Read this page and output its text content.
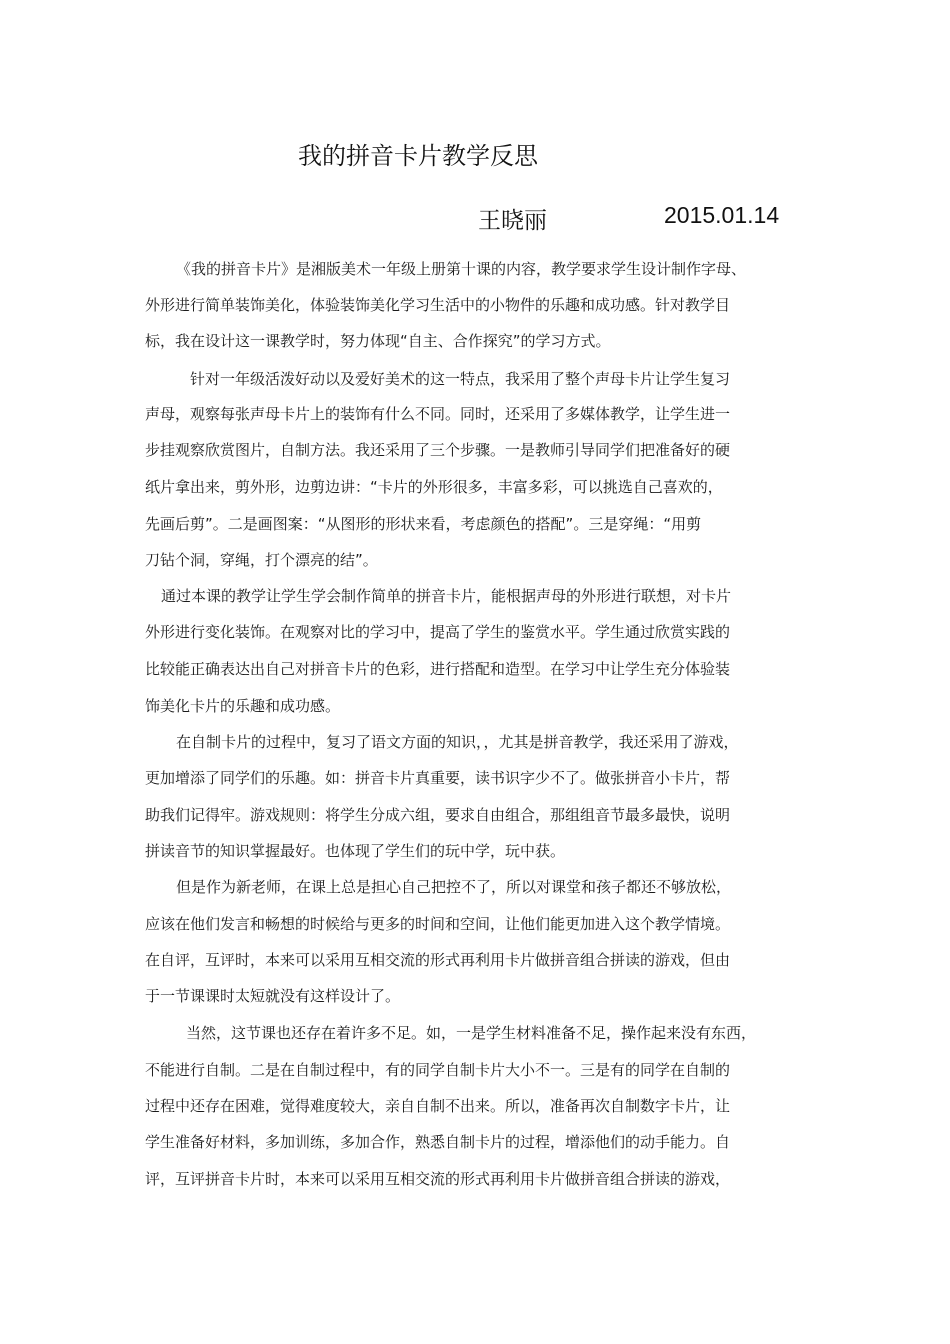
我的拼音卡片教学反思
王晓丽	2015.01.14
《我的拼音卡片》是湘版美术一年级上册第十课的内容，教学要求学生设计制作字母、
外形进行简单装饰美化，体验装饰美化学习生活中的小物件的乐趣和成功感。针对教学目
标，我在设计这一课教学时，努力体现“自主、合作探究”的学习方式。
针对一年级活泼好动以及爱好美术的这一特点，我采用了整个声母卡片让学生复习
声母，观察每张声母卡片上的装饰有什么不同。同时，还采用了多媒体教学，让学生进一
步挂观察欣赏图片，自制方法。我还采用了三个步骤。一是教师引导同学们把准备好的硬
纸片拿出来，剪外形，边剪边讲：“卡片的外形很多，丰富多彩，可以挑选自己喜欢的，
先画后剪”。二是画图案：“从图形的形状来看，考虑颜色的搭配”。三是穿绳：“用剪
刀钻个洞，穿绳，打个漂亮的结”。
通过本课的教学让学生学会制作简单的拼音卡片，能根据声母的外形进行联想，对卡片
外形进行变化装饰。在观察对比的学习中，提高了学生的鉴赏水平。学生通过欣赏实践的
比较能正确表达出自己对拼音卡片的色彩，进行搭配和造型。在学习中让学生充分体验装
饰美化卡片的乐趣和成功感。
在自制卡片的过程中，复习了语文方面的知识，，尤其是拼音教学，我还采用了游戏，
更加增添了同学们的乐趣。如：拼音卡片真重要，读书识字少不了。做张拼音小卡片，帮
助我们记得牢。游戏规则：将学生分成六组，要求自由组合，那组组音节最多最快，说明
拼读音节的知识掌握最好。也体现了学生们的玩中学，玩中获。
但是作为新老师，在课上总是担心自己把控不了，所以对课堂和孩子都还不够放松，
应该在他们发言和畅想的时候给与更多的时间和空间，让他们能更加进入这个教学情境。
在自评，互评时，本来可以采用互相交流的形式再利用卡片做拼音组合拼读的游戏，但由
于一节课课时太短就没有这样设计了。
当然，这节课也还存在着许多不足。如，一是学生材料准备不足，操作起来没有东西，
不能进行自制。二是在自制过程中，有的同学自制卡片大小不一。三是有的同学在自制的
过程中还存在困难，觉得难度较大，亲自自制不出来。所以，准备再次自制数字卡片，让
学生准备好材料，多加训练，多加合作，熟悉自制卡片的过程，增添他们的动手能力。自
评，互评拼音卡片时，本来可以采用互相交流的形式再利用卡片做拼音组合拼读的游戏，
